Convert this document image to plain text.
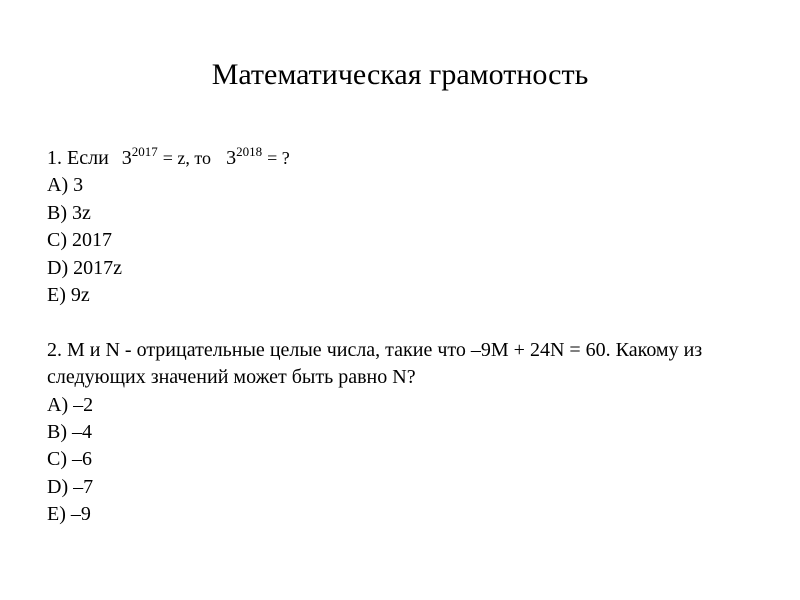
Математическая грамотность
1. Если $3^{2017} = z$, то $3^{2018}$ = ?
A) 3
B) 3z
C) 2017
D) 2017z
E) 9z
2. M и N - отрицательные целые числа, такие что –9M + 24N = 60. Какому из
следующих значений может быть равно N?
A) –2
B) –4
C) –6
D) –7
E) –9
